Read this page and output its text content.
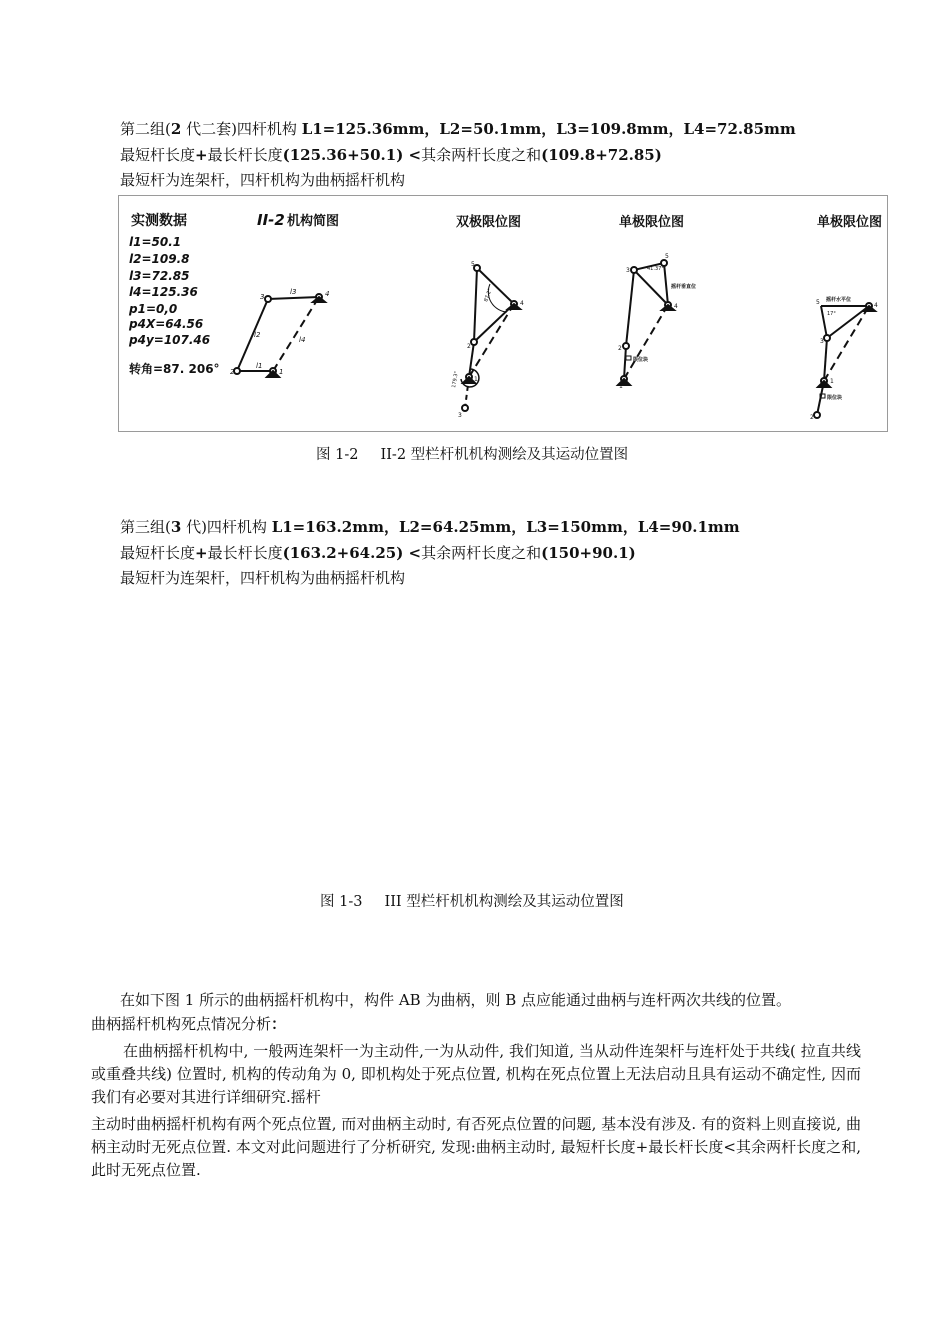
第二组(2 代二套)四杆机构 L1=125.36mm，L2=50.1mm，L3=109.8mm，L4=72.85mm
最短杆长度+最长杆长度(125.36+50.1) <其余两杆长度之和(109.8+72.85)
最短杆为连架杆，四杆机构为曲柄摇杆机构
实测数据
l1=50.1
l2=109.8
l3=72.85
l4=125.36
p1=0,0
p4X=64.56
p4y=107.46
转角=87. 206°
II-2 机构简图	双极限位图	单极限位图	单极限位图
2	1
3	4
l1
l2
l3
l4
5
2
4
1
3
87.2°
179.3°
3
5
4
2
1
41.37°
摇杆垂直位
限位块
5	4
3
1
2
17°
摇杆水平位
限位块
图 1-2 II-2 型栏杆机机构测绘及其运动位置图
第三组(3 代)四杆机构 L1=163.2mm，L2=64.25mm，L3=150mm，L4=90.1mm
最短杆长度+最长杆长度(163.2+64.25) <其余两杆长度之和(150+90.1)
最短杆为连架杆，四杆机构为曲柄摇杆机构
图 1-3 III 型栏杆机机构测绘及其运动位置图
在如下图 1 所示的曲柄摇杆机构中，构件 AB 为曲柄，则 B 点应能通过曲柄与连杆两次共线的位置。
曲柄摇杆机构死点情况分析：
在曲柄摇杆机构中, 一般两连架杆一为主动件,一为从动件, 我们知道, 当从动件连架杆与连杆处于共线( 拉直共线或重叠共线) 位置时, 机构的传动角为 0, 即机构处于死点位置, 机构在死点位置上无法启动且具有运动不确定性, 因而我们有必要对其进行详细研究.摇杆
主动时曲柄摇杆机构有两个死点位置, 而对曲柄主动时, 有否死点位置的问题, 基本没有涉及. 有的资料上则直接说, 曲柄主动时无死点位置. 本文对此问题进行了分析研究, 发现:曲柄主动时, 最短杆长度+最长杆长度<其余两杆长度之和,此时无死点位置.
